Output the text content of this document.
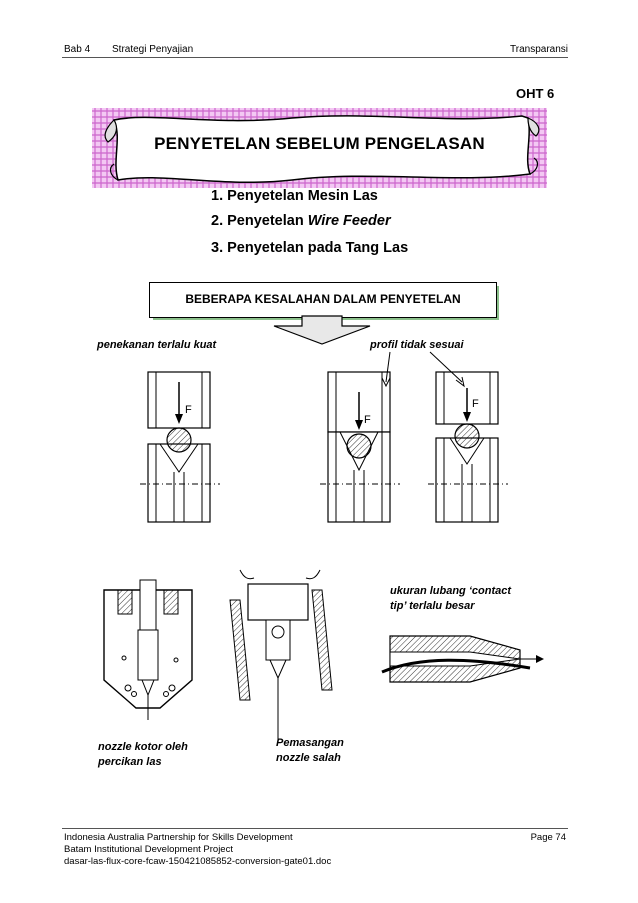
Bab 4 Strategi Penyajian	Transparansi
OHT 6
PENYETELAN SEBELUM PENGELASAN
1. Penyetelan Mesin Las
2. Penyetelan Wire Feeder
3. Penyetelan pada Tang Las
BEBERAPA KESALAHAN DALAM PENYETELAN
penekanan terlalu kuat	profil tidak sesuai
F
F
F
ukuran lubang ‘contact
tip’ terlalu besar
nozzle kotor oleh
percikan las
Pemasangan
nozzle salah
Indonesia Australia Partnership for Skills Development
Batam Institutional Development Project
dasar-las-flux-core-fcaw-150421085852-conversion-gate01.doc
Page 74
